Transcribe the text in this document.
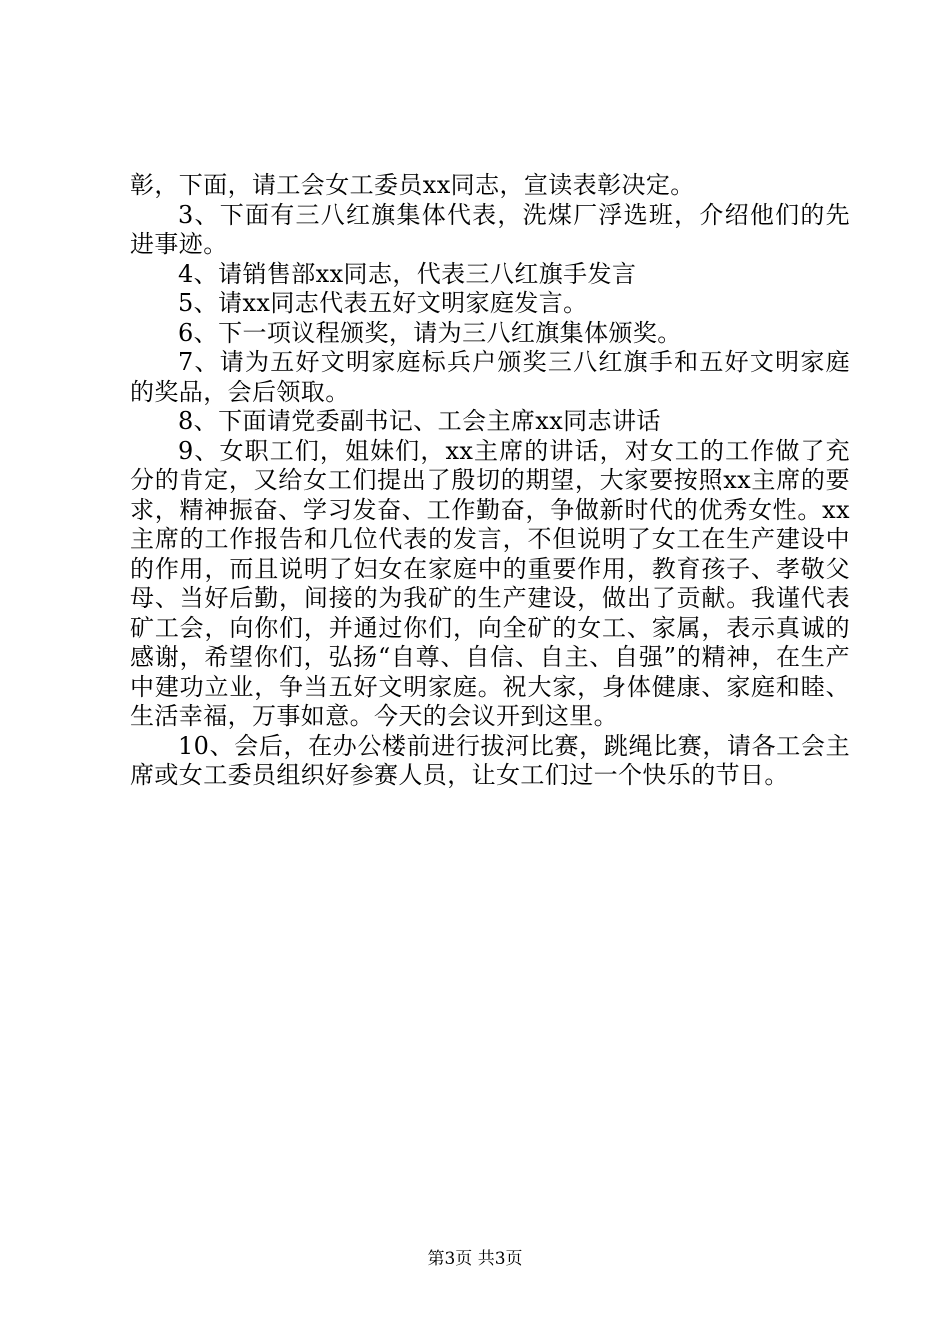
彰，下面，请工会女工委员xx同志，宣读表彰决定。

3、下面有三八红旗集体代表，洗煤厂浮选班，介绍他们的先进事迹。

4、请销售部xx同志，代表三八红旗手发言

5、请xx同志代表五好文明家庭发言。

6、下一项议程颁奖，请为三八红旗集体颁奖。

7、请为五好文明家庭标兵户颁奖三八红旗手和五好文明家庭的奖品，会后领取。

8、下面请党委副书记、工会主席xx同志讲话

9、女职工们，姐妹们，xx主席的讲话，对女工的工作做了充分的肯定，又给女工们提出了殷切的期望，大家要按照xx主席的要求，精神振奋、学习发奋、工作勤奋，争做新时代的优秀女性。xx主席的工作报告和几位代表的发言，不但说明了女工在生产建设中的作用，而且说明了妇女在家庭中的重要作用，教育孩子、孝敬父母、当好后勤，间接的为我矿的生产建设，做出了贡献。我谨代表矿工会，向你们，并通过你们，向全矿的女工、家属，表示真诚的感谢，希望你们，弘扬“自尊、自信、自主、自强”的精神，在生产中建功立业，争当五好文明家庭。祝大家，身体健康、家庭和睦、生活幸福，万事如意。今天的会议开到这里。

10、会后，在办公楼前进行拔河比赛，跳绳比赛，请各工会主席或女工委员组织好参赛人员，让女工们过一个快乐的节日。

第3页 共3页
